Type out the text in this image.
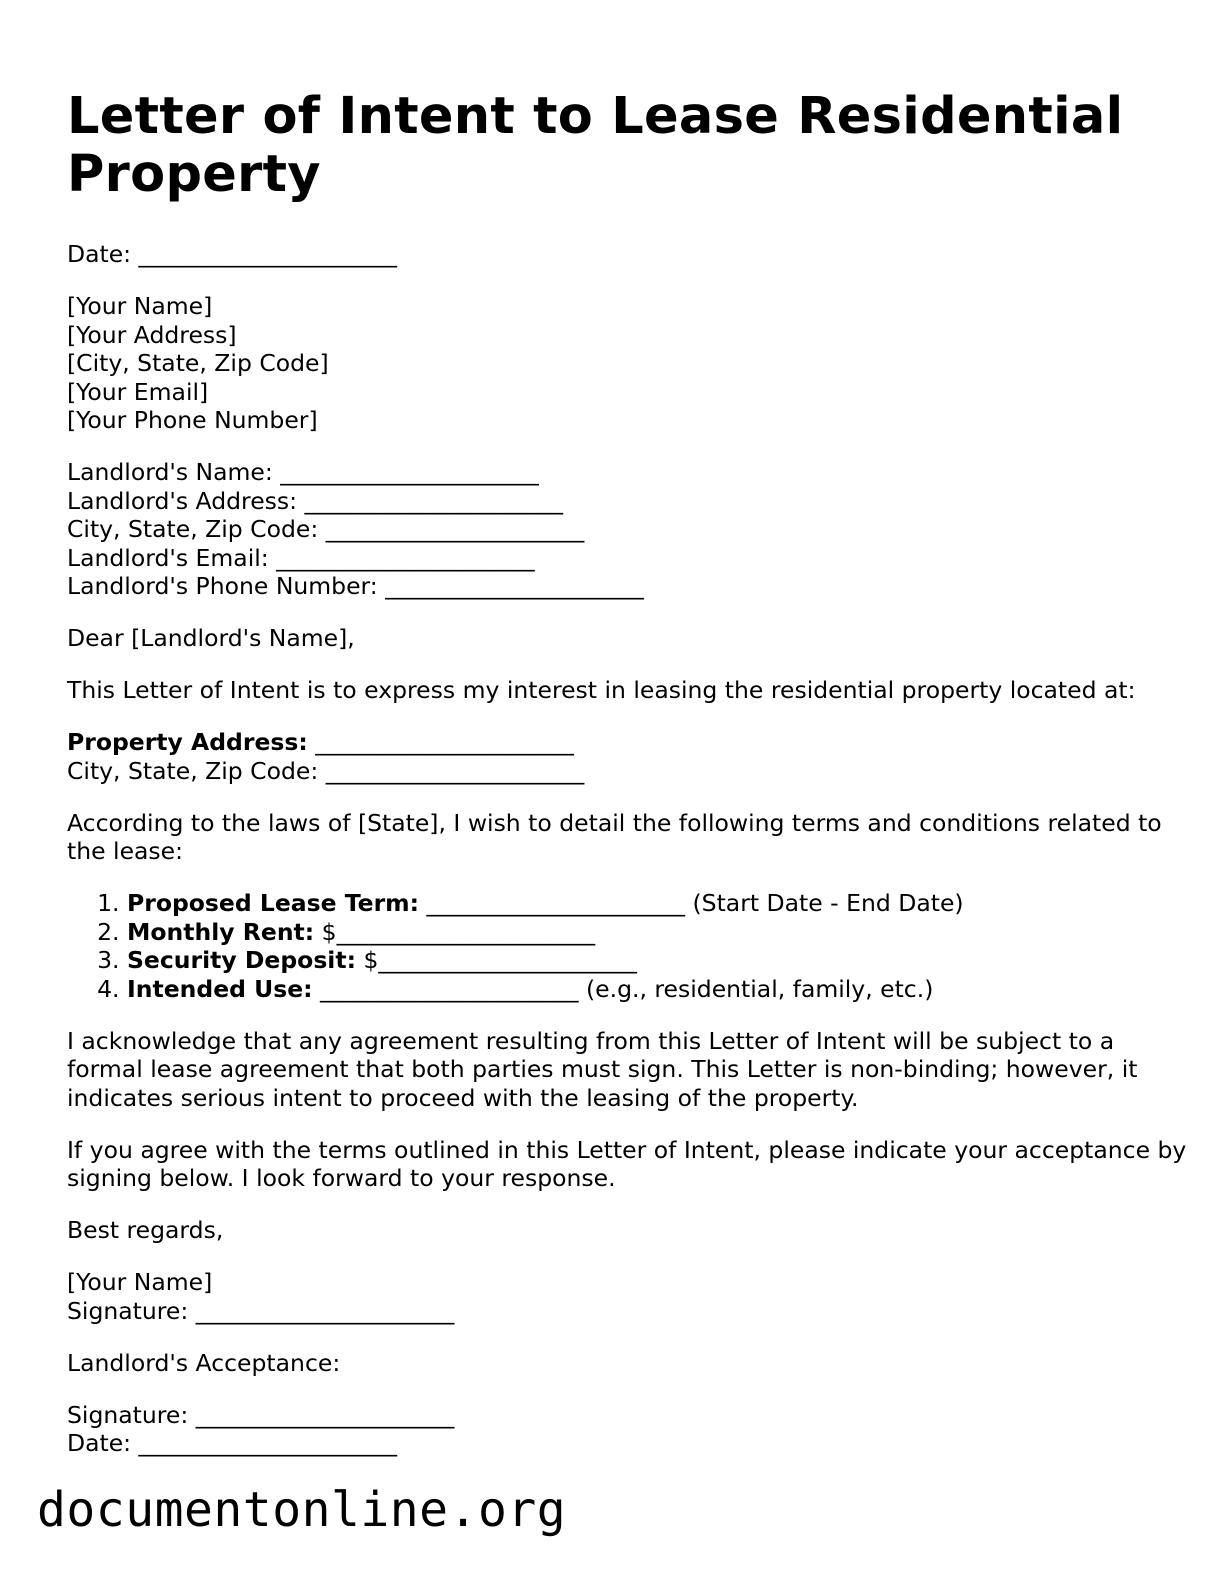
Letter of Intent to Lease Residential Property
Date: ______________________
[Your Name]
[Your Address]
[City, State, Zip Code]
[Your Email]
[Your Phone Number]
Landlord's Name: ______________________
Landlord's Address: ______________________
City, State, Zip Code: ______________________
Landlord's Email: ______________________
Landlord's Phone Number: ______________________
Dear [Landlord's Name],
This Letter of Intent is to express my interest in leasing the residential property located at:
Property Address: ______________________
City, State, Zip Code: ______________________
According to the laws of [State], I wish to detail the following terms and conditions related to the lease:
1. Proposed Lease Term: ______________________ (Start Date - End Date)
2. Monthly Rent: $______________________
3. Security Deposit: $______________________
4. Intended Use: ______________________ (e.g., residential, family, etc.)
I acknowledge that any agreement resulting from this Letter of Intent will be subject to a formal lease agreement that both parties must sign. This Letter is non-binding; however, it indicates serious intent to proceed with the leasing of the property.
If you agree with the terms outlined in this Letter of Intent, please indicate your acceptance by signing below. I look forward to your response.
Best regards,
[Your Name]
Signature: ______________________
Landlord's Acceptance:
Signature: ______________________
Date: ______________________
documentonline.org
